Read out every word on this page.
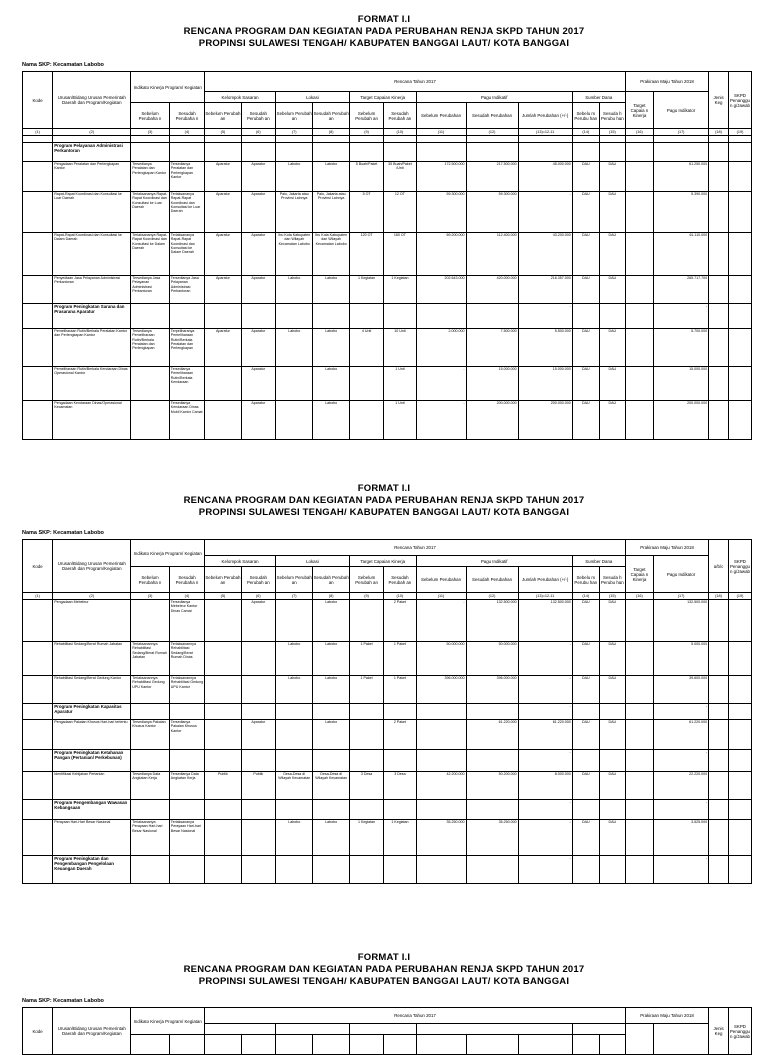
FORMAT I.I
RENCANA PROGRAM DAN KEGIATAN PADA PERUBAHAN RENJA SKPD TAHUN 2017
PROPINSI SULAWESI TENGAH/ KABUPATEN BANGGAI LAUT/ KOTA BANGGAI
Nama SKP: Kecamatan Labobo
Kode	Urusan/Bidang Urusan Pemerintah Daerah dan Program/Kegiatan	Indikato Kinerja Program/ Kegiatan		Rencana Tahun 2017											Prakiraan Maju Tahun 2018		Jenis Keg	SKPD Penanggun g/Jawab
				Kelompok Sasaran		Lokasi		Target Capaian Kinerja		Pagu Indikatif			Sumber Dana		Target Capaia n Kinerja	Pagu Indikator		
		Sebelum Perubaha n	Sesudah Perubaha n	Sebelum Perubah an	Sesudah Perubah an	Sebelum Perubah an	Sesudah Perubah an	Sebelum Perubah an	Sesudah Perubah an	Sebelum Perubahan	Sesudah Perubahan	Jumlah Perubahan (+/-)	Sebelu m Perubu han	Sesuda h Perubu han				
(1)	(2)	(3)	(4)	(5)	(6)	(7)	(8)	(9)	(10)	(11)	(12)	(13)=12-11	(14)	(15)	(16)	(17)	(18)	(19)

	Program Pelayanan Administrasi Perkantoran																	
	Pengadaan Peralatan dan Perlengkapan Kantor	Tersedianya Peralatan dan Perlengkapan Kantor	Tersedianya Peralatan dan Perlengkapan Kantor	Aparatur	Aparatur	Labobo	Labobo	5 Buah/Paket	35 Buah/Paket /Unit	172.500.000	217.500.000	45.000.000	DAU	DAU		61.250.000		
	Rapat-Rapat Koordinasi dan Konsultasi ke Luar Daerah	Terlaksananya Rapat-Rapat Koordinasi dan Konsultasi ke Luar Daerah	Terlaksananya Rapat-Rapat Koordinasi dan Konsultasi ke Luar Daerah	Aparatur	Aparatur	Palu, Jakarta atau Provinsi Lainnya	Palu, Jakarta atau Provinsi Lainnya	5 OT	12 OT	59.300.000	59.300.000	-	DAU	DAU		5.390.000		
	Rapat-Rapat Koordinasi dan Konsultasi ke Dalam Daerah	Terlaksananya Rapat-Rapat Koordinasi dan Konsultasi ke Dalam Daerah	Terlaksananya Rapat-Rapat Koordinasi dan Konsultasi ke Dalam Daerah	Aparatur	Aparatur	Ibu Kota Kabupaten dan Wilayah Kecamatan Labobo	Ibu Kota Kabupaten dan Wilayah Kecamatan Labobo	120 OT	160 OT	69.200.000	112.400.000	43.200.000	DAU	DAU		61.110.000		
	Penyediaan Jasa Pelayanan Administrasi Perkantoran	Tersedianya Jasa Pelayanan Administrasi Perkantoran	Tersedianya Jasa Pelayanan Administrasi Perkantoran	Aparatur	Aparatur	Labobo	Labobo	1 Kegiatan	1 Kegiatan	202.643.000	420.000.000	216.357.000	DAU	DAU		265.717.700		
	Program Peningkatan Sarana dan Prasarana Aparatur											-				-		
	Pemeliharaan Rutin/Berkala Peralatan Kantor dan Perlengkapan Kantor	Tersedianya Pemeliharaan Rutin/Berkala Peralatan dan Perlengkapan	Terpeliharanya Pemeliharaan Rutin/Berkala Peralatan dan Perlengkapan	Aparatur	Aparatur	Labobo	Labobo	4 Unit	10 Unit	2.000.000	7.500.000	5.500.000	DAU	DAU		5.700.000		
	Pemeliharaan Rutin/Berkala Kendaraan Dinas Operasional Kantor		Tersedianya Pemeliharaan Rutin/Berkala Kendaraan		Aparatur		Labobo		1 Unit	-	15.000.000	15.000.000	DAU	DAU		15.000.000		
	Pengadaan Kendaraan Dinas/Operasional Kecamatan		Tersedianya Kendaraan Dinas Mobil Kantor Camat		Aparatur		Labobo		1 Unit	-	200.000.000	200.000.000	DAU	DAU		200.000.000		
FORMAT I.I
RENCANA PROGRAM DAN KEGIATAN PADA PERUBAHAN RENJA SKPD TAHUN 2017
PROPINSI SULAWESI TENGAH/ KABUPATEN BANGGAI LAUT/ KOTA BANGGAI
Nama SKP: Kecamatan Labobo
Kode	Urusan/Bidang Urusan Pemerintah Daerah dan Program/Kegiatan	Indikato Kinerja Program/ Kegiatan		Rencana Tahun 2017											Prakiraan Maju Tahun 2018		a/b/c	SKPD Penanggun g/Jawab
				Kelompok Sasaran		Lokasi		Target Capaian Kinerja		Pagu Indikatif			Sumber Dana		Target Capaia n Kinerja	Pagu Indikator		
		Sebelum Perubaha n	Sesudah Perubaha n	Sebelum Perubah an	Sesudah Perubah an	Sebelum Perubah an	Sesudah Perubah an	Sebelum Perubah an	Sesudah Perubah an	Sebelum Perubahan	Sesudah Perubahan	Jumlah Perubahan (+/-)	Sebelu m Perubu han	Sesuda h Perubu han				
(1)	(2)	(3)	(4)	(5)	(6)	(7)	(8)	(9)	(10)	(11)	(12)	(13)=12-11	(14)	(15)	(16)	(17)	(18)	(19)
	Pengadaan Mebeleur		Tersedianya Mebeleur Kantor Dinas Camat		Aparatur		Labobo		2 Paket	-	132.500.000	132.500.000	DAU	DAU		132.500.000		
	Rehabilitasi Sedang/Berat Rumah Jabatan	Terlaksanannya Rehabilitasi Sedang/Berat Rumah Jabatan	Terlaksanannya Rehabilitasi Sedang/Berat Rumah Dinas			Labobo	Labobo	1 Paket	1 Paket	50.000.000	50.000.000	-	DAU	DAU		5.000.000		
	Rehabilitasi Sedang/Berat Gedung Kantor	Terlaksanannya Rehabilitasi Gedung UPU Kantor	Terlaksanannya Rehabilitasi Gedung UPU Kantor			Labobo	Labobo	1 Paket	1 Paket	396.000.000	396.000.000	-	DAU	DAU		39.600.000		
	Program Peningkatan Kapasitas Aparatur											-				-		
	Pengadaan Pakaian Khusus Hari-hari tertentu	Tersedianya Pakaian Khusus Kantor	Tersedianya Pakaian Khusus Kantor		Aparatur		Labobo		2 Paket		61.220.000	61.220.000	DAU	DAU		61.220.000		
	Program Peningkatan Ketahanan Pangan (Pertanian/ Perkebunan)											-				-		
	Identifikasi Kebijakan Pertanian	Tersedianya Data Angkatan Kerja	Tersedianya Data Angkatan Kerja	Publik	Publik	Desa-Desa di Wilayah Kecamatan	Desa-Desa di Wilayah Kecamatan	3 Desa	3 Desa	42.200.000	50.200.000	8.000.000	DAU	DAU		22.220.000		
	Program Pengembangan Wawasan Kebangsaan											-				-		
	Perayaan Hari-Hari Besar Nasional	Terlaksananya Perayaan Hari-hari Besar Nasional	Terlaksananya Perayaan Hari-hari Besar Nasional			Labobo	Labobo	1 Kegiatan	1 Kegiatan	35.250.000	35.250.000	-	DAU	DAU		3.525.000		
	Program Peningkatan dan Pengembangan Pengelolaan Keuangan Daerah											-				-		
FORMAT I.I
RENCANA PROGRAM DAN KEGIATAN PADA PERUBAHAN RENJA SKPD TAHUN 2017
PROPINSI SULAWESI TENGAH/ KABUPATEN BANGGAI LAUT/ KOTA BANGGAI
Nama SKP: Kecamatan Labobo
Kode	Urusan/Bidang Urusan Pemerintah Daerah dan Program/Kegiatan	Indikato Kinerja Program/ Kegiatan		Rencana Tahun 2017											Prakiraan Maju Tahun 2018		Jenis Keg	SKPD Penanggun g/Jawab
